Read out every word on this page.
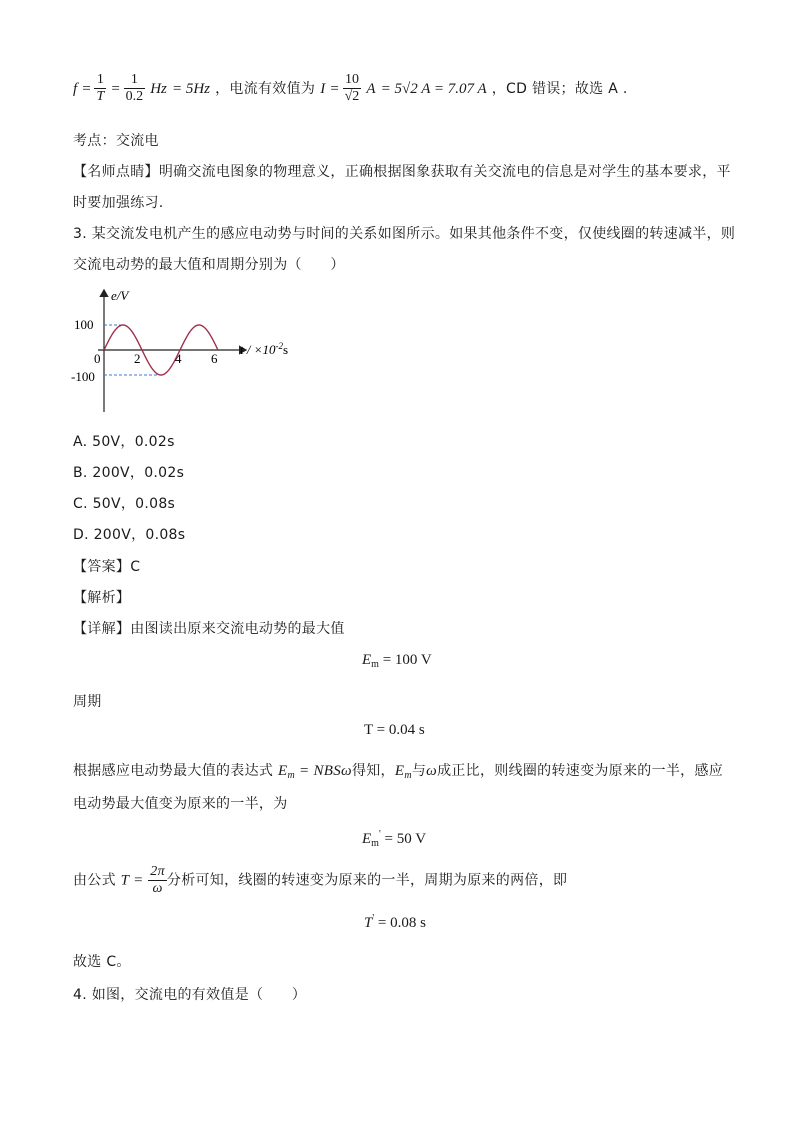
$f = \frac{1}{T} = \frac{1}{0.2}$ Hz = 5Hz ，电流有效值为 $I = \frac{10}{√2}$ A = 5√2 A = 7.07 A ，CD 错误；故选 A .
考点：交流电
【名师点睛】明确交流电图象的物理意义，正确根据图象获取有关交流电的信息是对学生的基本要求，平
时要加强练习.
3. 某交流发电机产生的感应电动势与时间的关系如图所示。如果其他条件不变，仅使线圈的转速减半，则
交流电动势的最大值和周期分别为（　　）
e/V
100
-100
0	2	4 6
$t / \times 10^{-2}s$
A. 50V，0.02s
B. 200V，0.02s
C. 50V，0.08s
D. 200V，0.08s
【答案】C
【解析】
【详解】由图读出原来交流电动势的最大值
$E_m = 100$ V
周期
T = 0.04 s
根据感应电动势最大值的表达式 $E_m = NBS\omega$得知，$E_m$与ω成正比，则线圈的转速变为原来的一半，感应
电动势最大值变为原来的一半，为
$E_m' = 50$ V
由公式 $T = \frac{2\pi}{\omega}$ 分析可知，线圈的转速变为原来的一半，周期为原来的两倍，即
T' = 0.08 s
故选 C。
4. 如图，交流电的有效值是（　　）
